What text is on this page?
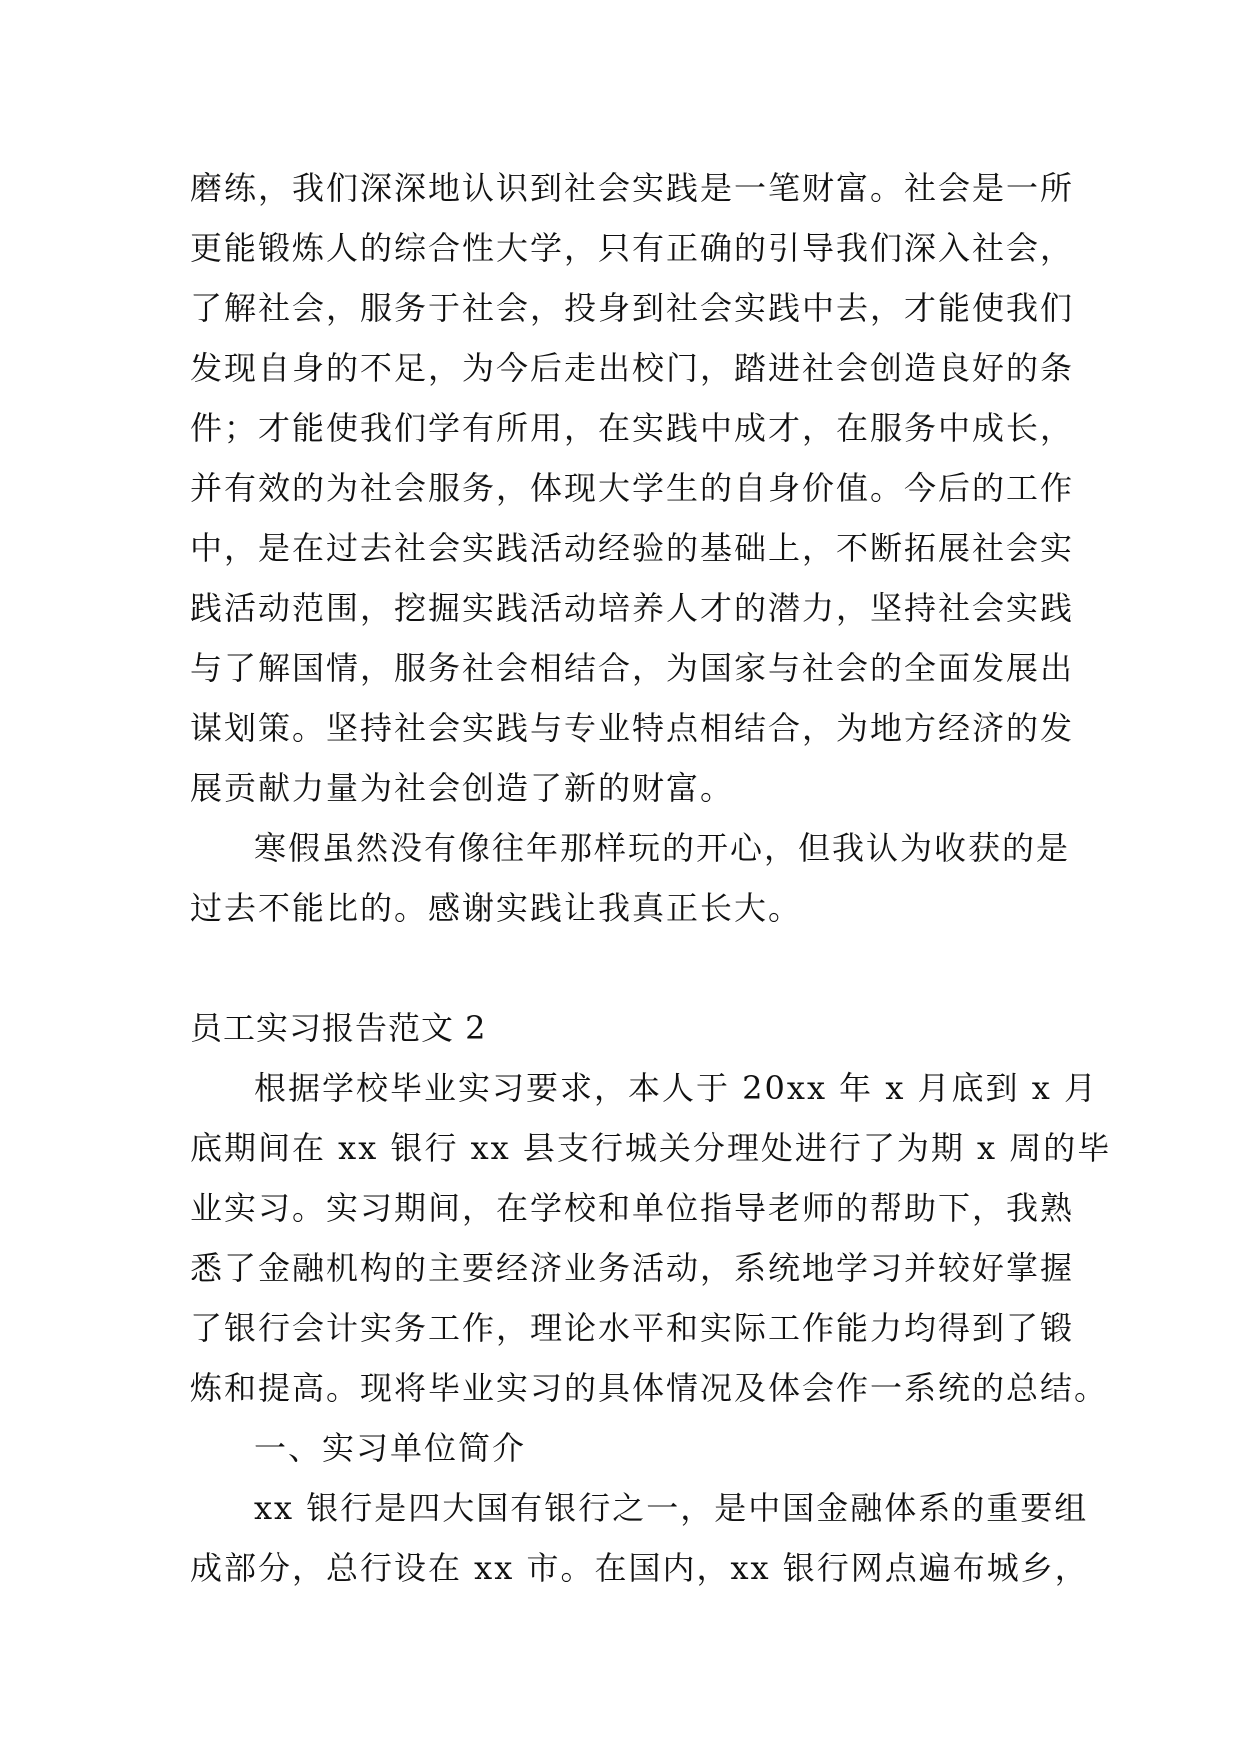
磨练，我们深深地认识到社会实践是一笔财富。社会是一所
更能锻炼人的综合性大学，只有正确的引导我们深入社会，
了解社会，服务于社会，投身到社会实践中去，才能使我们
发现自身的不足，为今后走出校门，踏进社会创造良好的条
件；才能使我们学有所用，在实践中成才，在服务中成长，
并有效的为社会服务，体现大学生的自身价值。今后的工作
中，是在过去社会实践活动经验的基础上，不断拓展社会实
践活动范围，挖掘实践活动培养人才的潜力，坚持社会实践
与了解国情，服务社会相结合，为国家与社会的全面发展出
谋划策。坚持社会实践与专业特点相结合，为地方经济的发
展贡献力量为社会创造了新的财富。
寒假虽然没有像往年那样玩的开心，但我认为收获的是
过去不能比的。感谢实践让我真正长大。
员工实习报告范文 2
根据学校毕业实习要求，本人于 20xx 年 x 月底到 x 月
底期间在 xx 银行 xx 县支行城关分理处进行了为期 x 周的毕
业实习。实习期间，在学校和单位指导老师的帮助下，我熟
悉了金融机构的主要经济业务活动，系统地学习并较好掌握
了银行会计实务工作，理论水平和实际工作能力均得到了锻
炼和提高。现将毕业实习的具体情况及体会作一系统的总结。
一、实习单位简介
xx 银行是四大国有银行之一，是中国金融体系的重要组
成部分，总行设在 xx 市。在国内，xx 银行网点遍布城乡，
